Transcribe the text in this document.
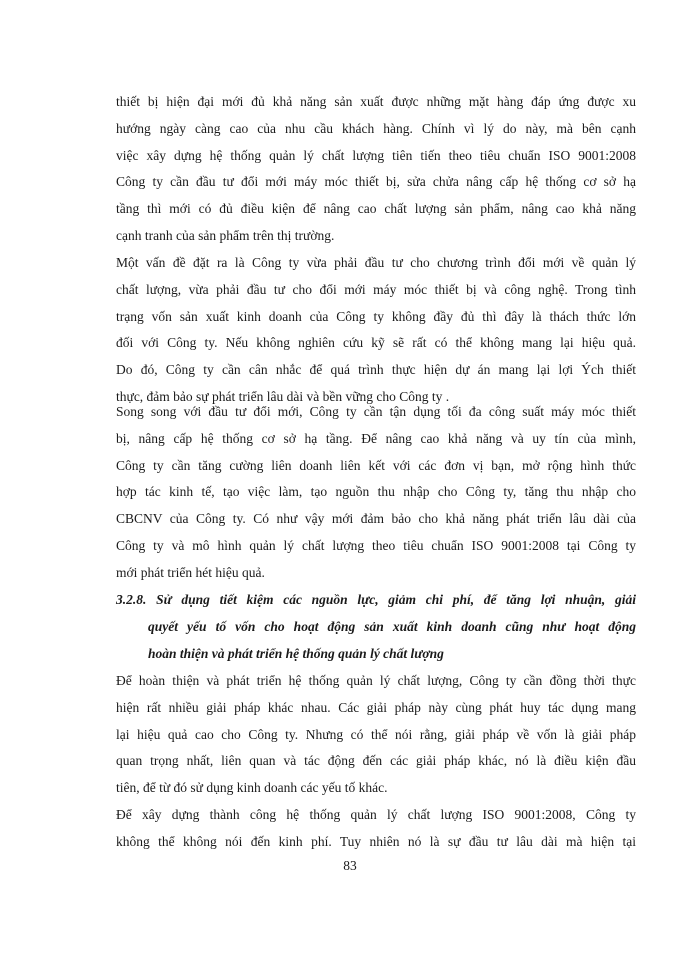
thiết bị hiện đại mới đủ khả năng sản xuất được những mặt hàng đáp ứng được xu
hướng ngày càng cao của nhu cầu khách hàng. Chính vì lý do này, mà bên cạnh
việc xây dựng hệ thống quản lý chất lượng tiên tiến theo tiêu chuẩn ISO 9001:2008
Công ty cần đầu tư đổi mới máy móc thiết bị, sửa chửa nâng cấp hệ thống cơ sở hạ
tầng thì mới có đủ điều kiện để nâng cao chất lượng sản phẩm, nâng cao khả năng
cạnh tranh của sản phẩm trên thị trường.
Một vấn đề đặt ra là Công ty vừa phải đầu tư cho chương trình đổi mới về quản lý
chất lượng, vừa phải đầu tư cho đổi mới máy móc thiết bị và công nghệ. Trong tình
trạng vốn sản xuất kinh doanh của Công ty không đầy đủ thì đây là thách thức lớn
đối với Công ty. Nếu không nghiên cứu kỹ sẽ rất có thể không mang lại hiệu quả.
Do đó, Công ty cần cân nhắc để quá trình thực hiện dự án mang lại lợi Ých thiết
thực, đảm bảo sự phát triển lâu dài và bền vững cho Công ty .
Song song với đầu tư đổi mới, Công ty cần tận dụng tối đa công suất máy móc thiết
bị, nâng cấp hệ thống cơ sở hạ tầng. Để nâng cao khả năng và uy tín của mình,
Công ty cần tăng cường liên doanh liên kết với các đơn vị bạn, mở rộng hình thức
hợp tác kinh tế, tạo việc làm, tạo nguồn thu nhập cho Công ty, tăng thu nhập cho
CBCNV của Công ty. Có như vậy mới đảm bảo cho khả năng phát triển lâu dài của
Công ty và mô hình quản lý chất lượng theo tiêu chuẩn ISO 9001:2008 tại Công ty
mới phát triển hét hiệu quả.
3.2.8. Sử dụng tiết kiệm các nguồn lực, giảm chi phí, để tăng lợi nhuận, giải
quyết yếu tố vốn cho hoạt động sản xuất kinh doanh cũng như hoạt động
hoàn thiện và phát triển hệ thống quản lý chất lượng
Để hoàn thiện và phát triển hệ thống quản lý chất lượng, Công ty cần đồng thời thực
hiện rất nhiều giải pháp khác nhau. Các giải pháp này cùng phát huy tác dụng mang
lại hiệu quả cao cho Công ty. Nhưng có thể nói rằng, giải pháp về vốn là giải pháp
quan trọng nhất, liên quan và tác động đến các giải pháp khác, nó là điều kiện đầu
tiên, để từ đó sử dụng kinh doanh các yếu tố khác.
Để xây dựng thành công hệ thống quản lý chất lượng ISO 9001:2008, Công ty
không thể không nói đến kinh phí. Tuy nhiên nó là sự đầu tư lâu dài mà hiện tại
83
